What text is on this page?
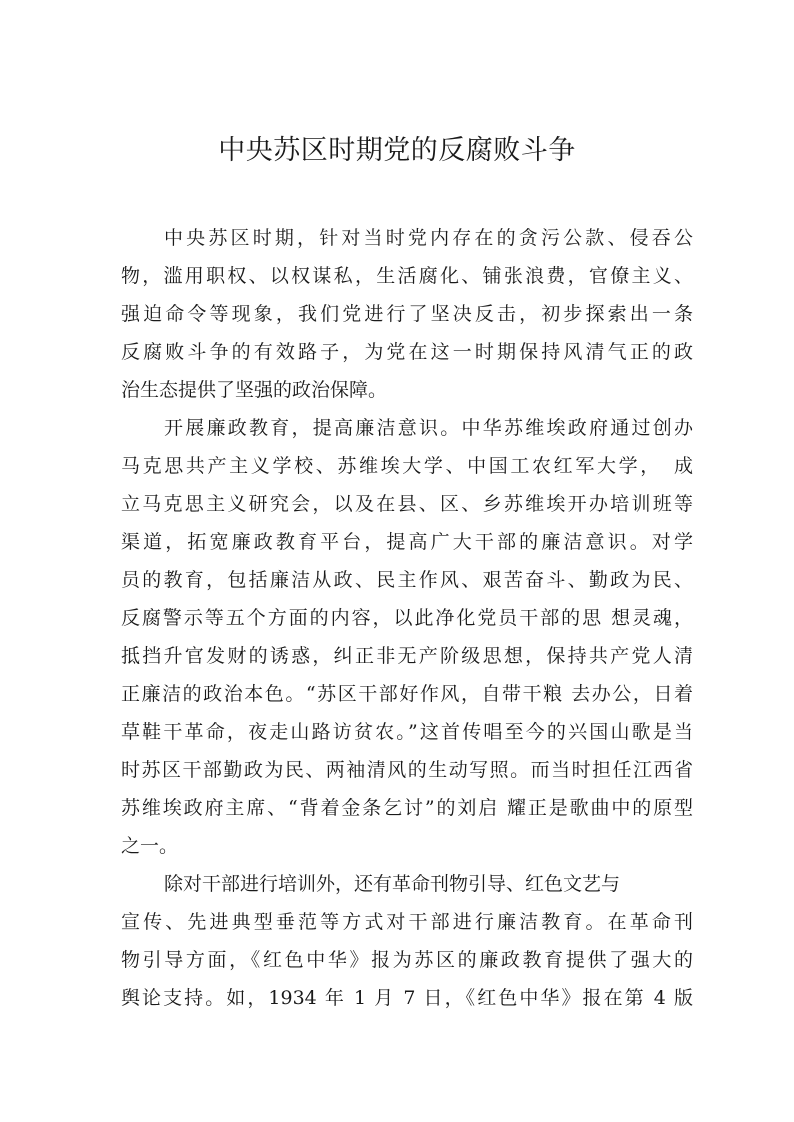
中央苏区时期党的反腐败斗争
中央苏区时期，针对当时党内存在的贪污公款、侵吞公
物，滥用职权、以权谋私，生活腐化、铺张浪费，官僚主义、
强迫命令等现象，我们党进行了坚决反击，初步探索出一条
反腐败斗争的有效路子，为党在这一时期保持风清气正的政
治生态提供了坚强的政治保障。
开展廉政教育，提高廉洁意识。中华苏维埃政府通过创办
马克思共产主义学校、苏维埃大学、中国工农红军大学，　成
立马克思主义研究会，以及在县、区、乡苏维埃开办培训班等
渠道，拓宽廉政教育平台，提高广大干部的廉洁意识。对学
员的教育，包括廉洁从政、民主作风、艰苦奋斗、勤政为民、
反腐警示等五个方面的内容，以此净化党员干部的思 想灵魂，
抵挡升官发财的诱惑，纠正非无产阶级思想，保持共产党人清
正廉洁的政治本色。“苏区干部好作风，自带干粮 去办公，日着
草鞋干革命，夜走山路访贫农。”这首传唱至今的兴国山歌是当
时苏区干部勤政为民、两袖清风的生动写照。而当时担任江西省
苏维埃政府主席、“背着金条乞讨”的刘启 耀正是歌曲中的原型
之一。
除对干部进行培训外，还有革命刊物引导、红色文艺与
宣传、先进典型垂范等方式对干部进行廉洁教育。在革命刊
物引导方面，《红色中华》报为苏区的廉政教育提供了强大的
舆论支持。如，1934 年 1 月 7 日，《红色中华》报在第 4 版
